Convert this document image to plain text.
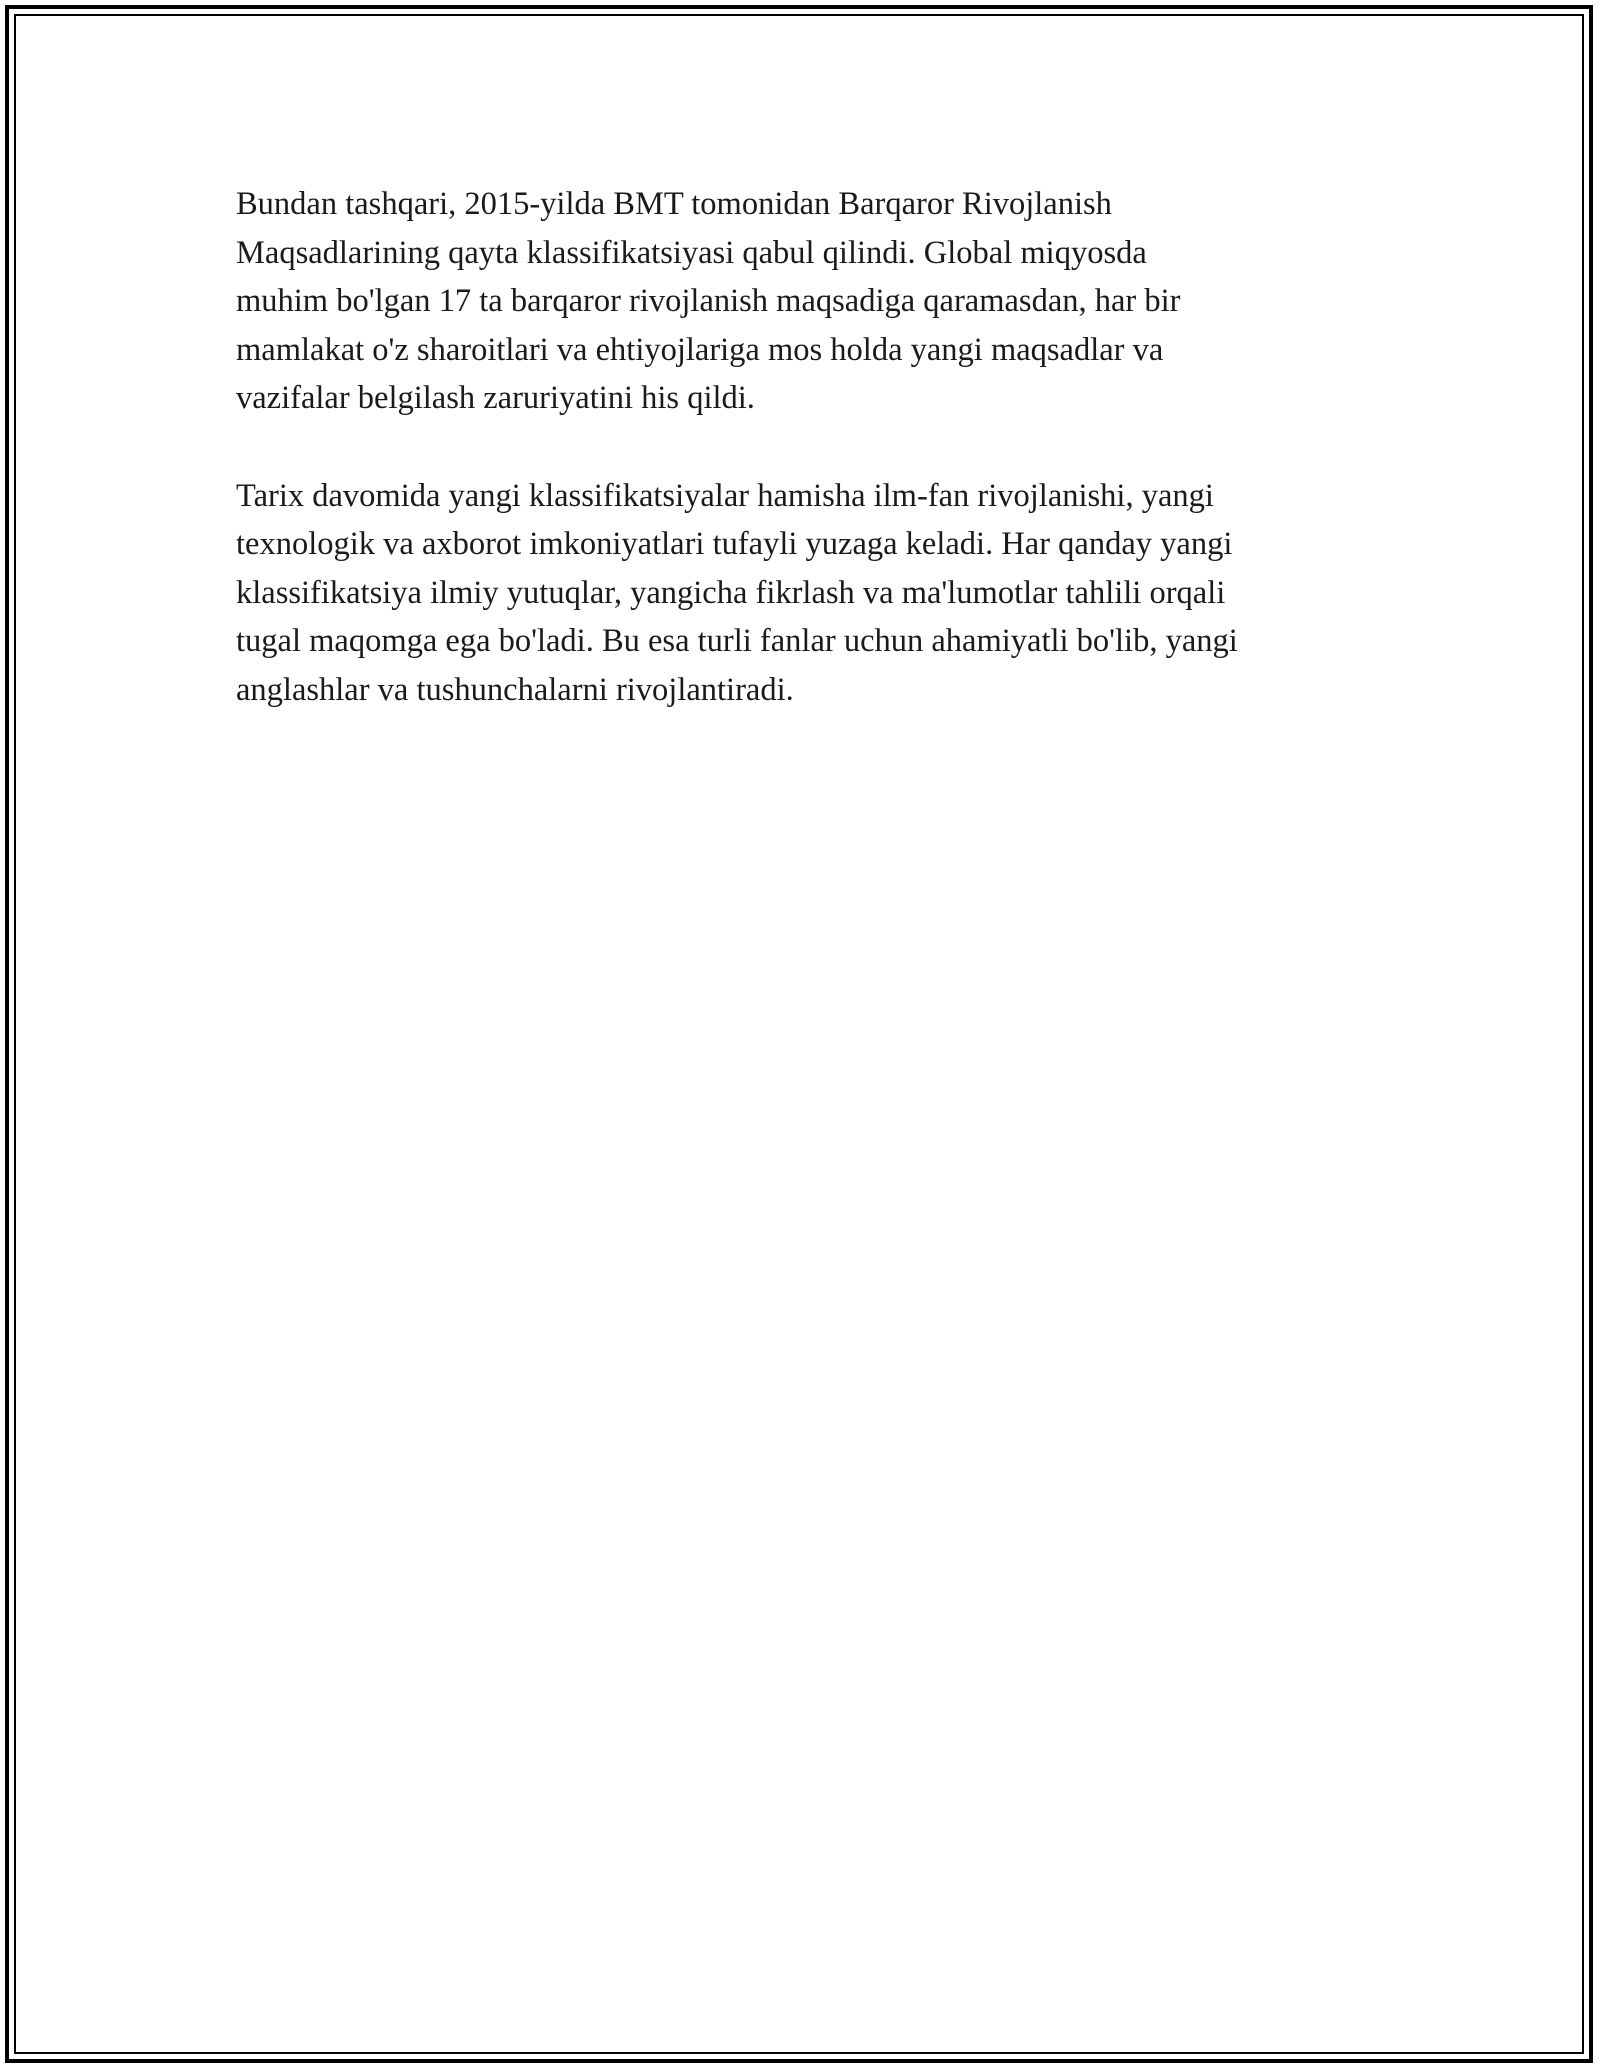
Bundan tashqari, 2015-yilda BMT tomonidan Barqaror Rivojlanish
Maqsadlarining qayta klassifikatsiyasi qabul qilindi. Global miqyosda
muhim bo'lgan 17 ta barqaror rivojlanish maqsadiga qaramasdan, har bir
mamlakat o'z sharoitlari va ehtiyojlariga mos holda yangi maqsadlar va
vazifalar belgilash zaruriyatini his qildi.

Tarix davomida yangi klassifikatsiyalar hamisha ilm-fan rivojlanishi, yangi
texnologik va axborot imkoniyatlari tufayli yuzaga keladi. Har qanday yangi
klassifikatsiya ilmiy yutuqlar, yangicha fikrlash va ma'lumotlar tahlili orqali
tugal maqomga ega bo'ladi. Bu esa turli fanlar uchun ahamiyatli bo'lib, yangi
anglashlar va tushunchalarni rivojlantiradi.
